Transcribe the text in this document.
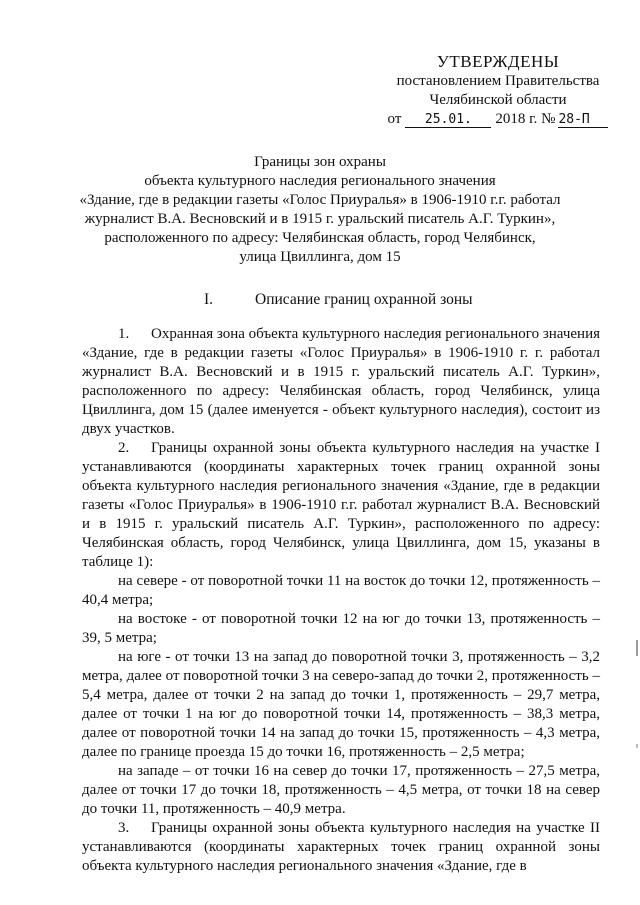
УТВЕРЖДЕНЫ
постановлением Правительства
Челябинской области
от	25.01.	2018 г. № 28-П
Границы зон охраны
объекта культурного наследия регионального значения
«Здание, где в редакции газеты «Голос Приуралья» в 1906-1910 г.г. работал
журналист В.А. Весновский и в 1915 г. уральский писатель А.Г. Туркин»,
расположенного по адресу: Челябинская область, город Челябинск,
улица Цвиллинга, дом 15
I.	Описание границ охранной зоны

1. Охранная зона объекта культурного наследия регионального значения «Здание, где в редакции газеты «Голос Приуралья» в 1906-1910 г. г. работал журналист В.А. Весновский и в 1915 г. уральский писатель А.Г. Туркин», расположенного по адресу: Челябинская область, город Челябинск, улица Цвиллинга, дом 15 (далее именуется - объект культурного наследия), состоит из двух участков.

2. Границы охранной зоны объекта культурного наследия на участке I устанавливаются (координаты характерных точек границ охранной зоны объекта культурного наследия регионального значения «Здание, где в редакции газеты «Голос Приуралья» в 1906-1910 г.г. работал журналист В.А. Весновский и в 1915 г. уральский писатель А.Г. Туркин», расположенного по адресу: Челябинская область, город Челябинск, улица Цвиллинга, дом 15, указаны в таблице 1):

на севере - от поворотной точки 11 на восток до точки 12, протяженность – 40,4 метра;

на востоке - от поворотной точки 12 на юг до точки 13, протяженность – 39, 5 метра;

на юге - от точки 13 на запад до поворотной точки 3, протяженность – 3,2 метра, далее от поворотной точки 3 на северо-запад до точки 2, протяженность – 5,4 метра, далее от точки 2 на запад до точки 1, протяженность – 29,7 метра, далее от точки 1 на юг до поворотной точки 14, протяженность – 38,3 метра, далее от поворотной точки 14 на запад до точки 15, протяженность – 4,3 метра, далее по границе проезда 15 до точки 16, протяженность – 2,5 метра;

на западе – от точки 16 на север до точки 17, протяженность – 27,5 метра, далее от точки 17 до точки 18, протяженность – 4,5 метра, от точки 18 на север до точки 11, протяженность – 40,9 метра.

3. Границы охранной зоны объекта культурного наследия на участке II устанавливаются (координаты характерных точек границ охранной зоны объекта культурного наследия регионального значения «Здание, где в
